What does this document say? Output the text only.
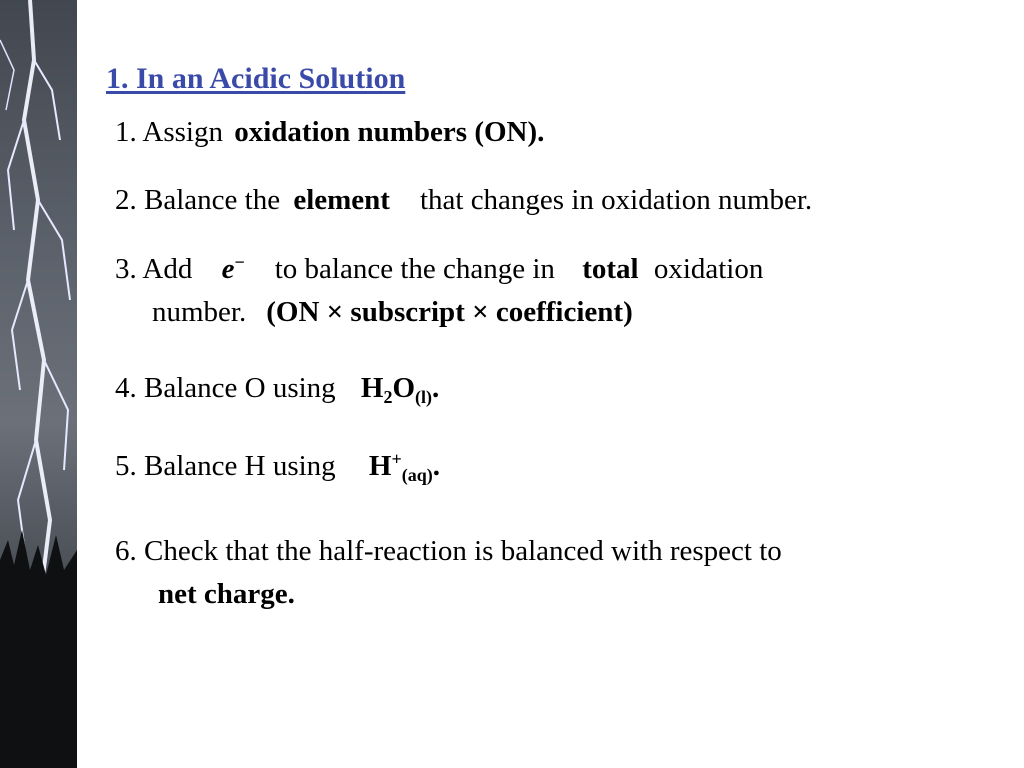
1. In an Acidic Solution
1. Assign oxidation numbers (ON).
2. Balance the element that changes in oxidation number.
3. Add e− to balance the change in total oxidation
number. (ON × subscript × coefficient)
4. Balance O using $H_2O_{(l)}$.
5. Balance H using $H^+_{(aq)}$.
6. Check that the half-reaction is balanced with respect to
net charge.
